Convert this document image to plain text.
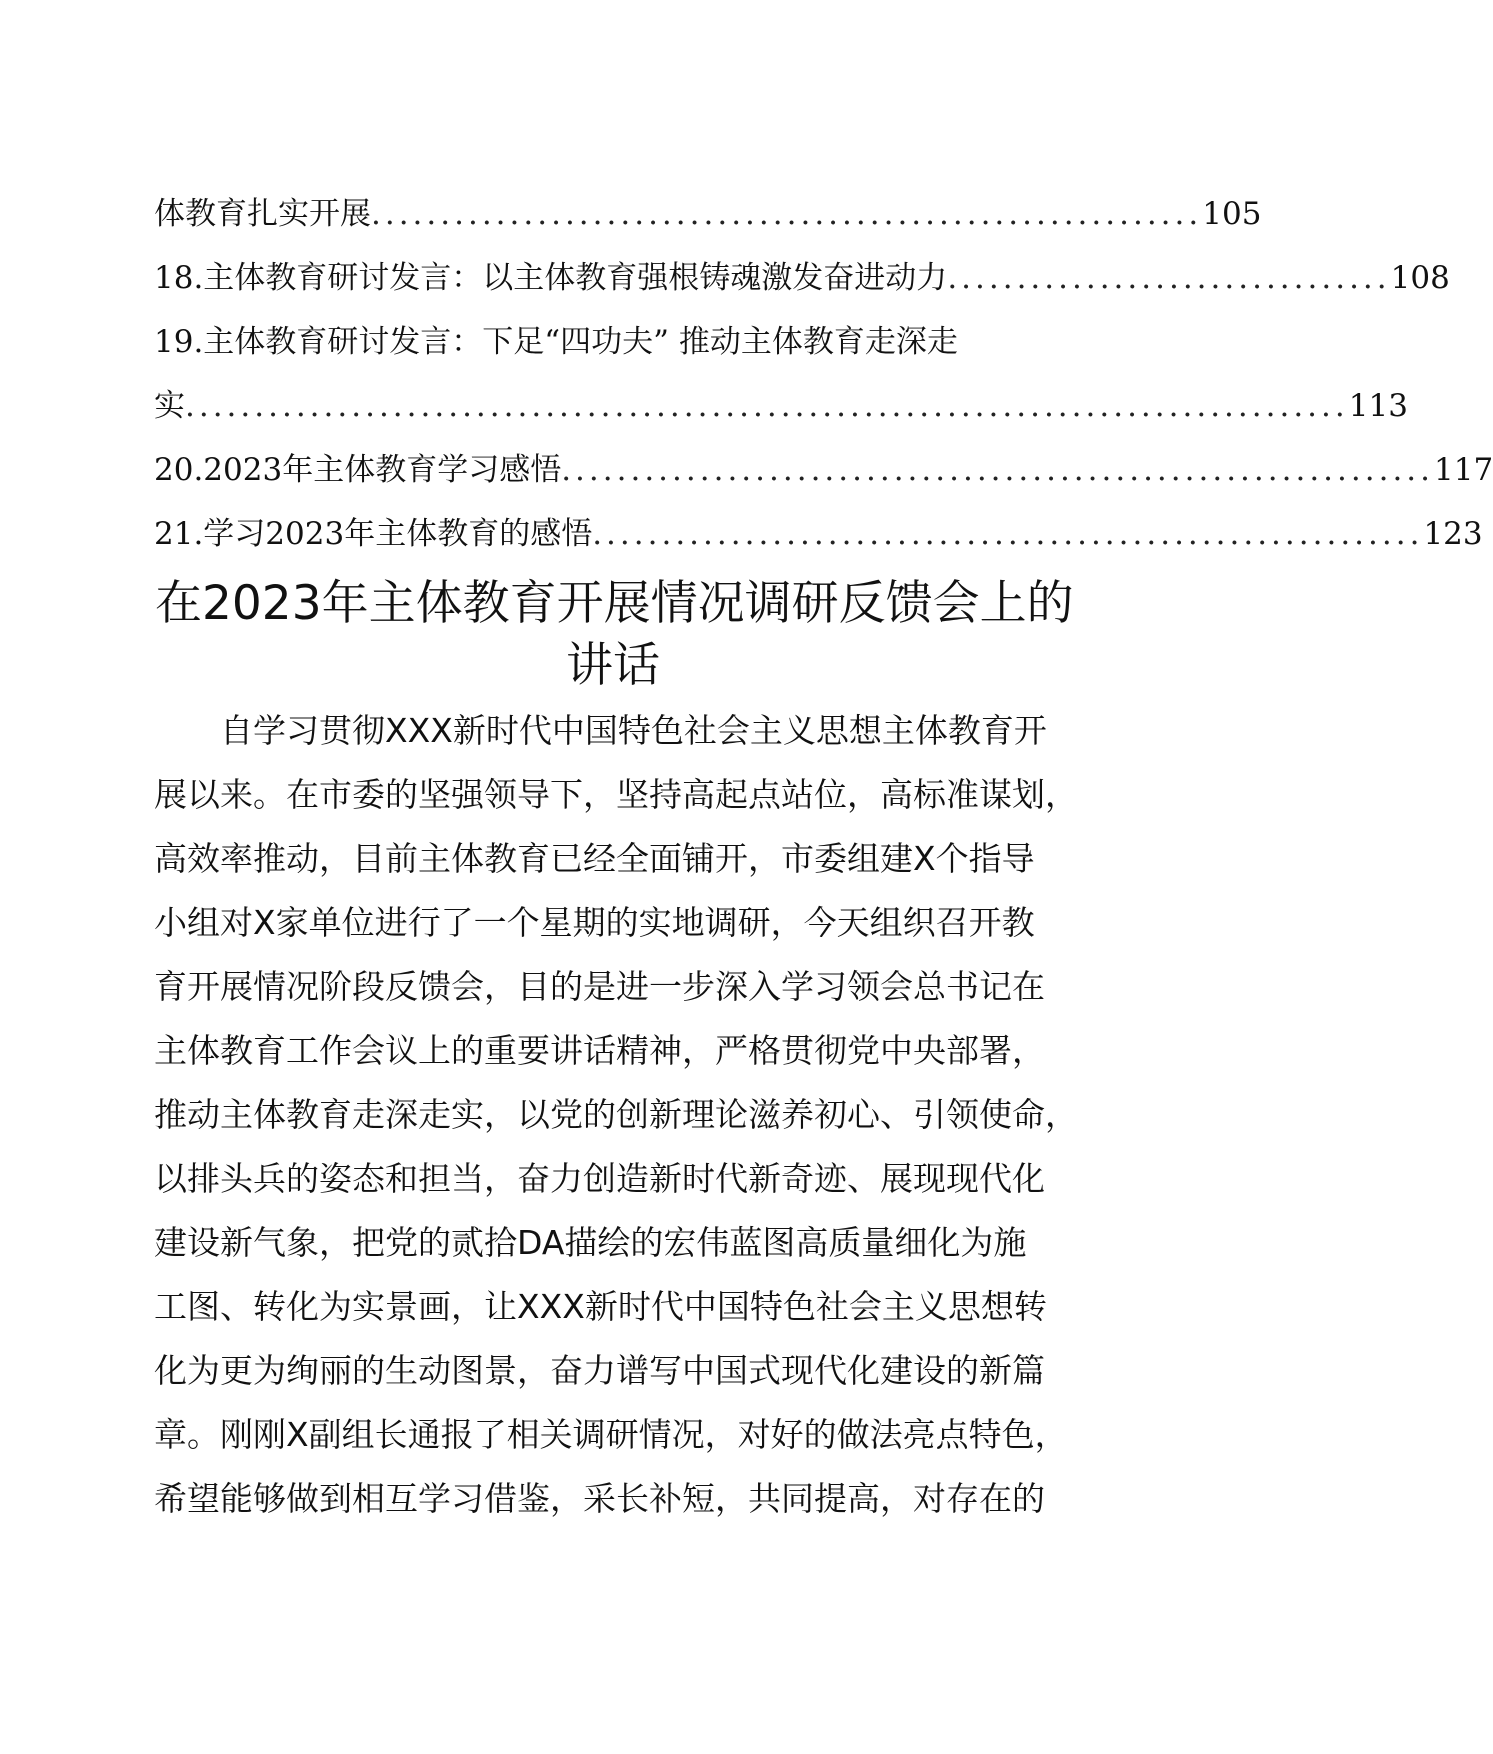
体教育扎实开展............................................................105
18.主体教育研讨发言：以主体教育强根铸魂激发奋进动力................................108
19.主体教育研讨发言：下足“四功夫” 推动主体教育走深走
实....................................................................................113
20.2023年主体教育学习感悟...............................................................117
21.学习2023年主体教育的感悟............................................................123
在2023年主体教育开展情况调研反馈会上的
讲话
自学习贯彻XXX新时代中国特色社会主义思想主体教育开
展以来。在市委的坚强领导下，坚持高起点站位，高标准谋划，
高效率推动，目前主体教育已经全面铺开，市委组建X个指导
小组对X家单位进行了一个星期的实地调研，今天组织召开教
育开展情况阶段反馈会，目的是进一步深入学习领会总书记在
主体教育工作会议上的重要讲话精神，严格贯彻党中央部署，
推动主体教育走深走实，以党的创新理论滋养初心、引领使命，
以排头兵的姿态和担当，奋力创造新时代新奇迹、展现现代化
建设新气象，把党的贰拾DA描绘的宏伟蓝图高质量细化为施
工图、转化为实景画，让XXX新时代中国特色社会主义思想转
化为更为绚丽的生动图景，奋力谱写中国式现代化建设的新篇
章。刚刚X副组长通报了相关调研情况，对好的做法亮点特色，
希望能够做到相互学习借鉴，采长补短，共同提高，对存在的
